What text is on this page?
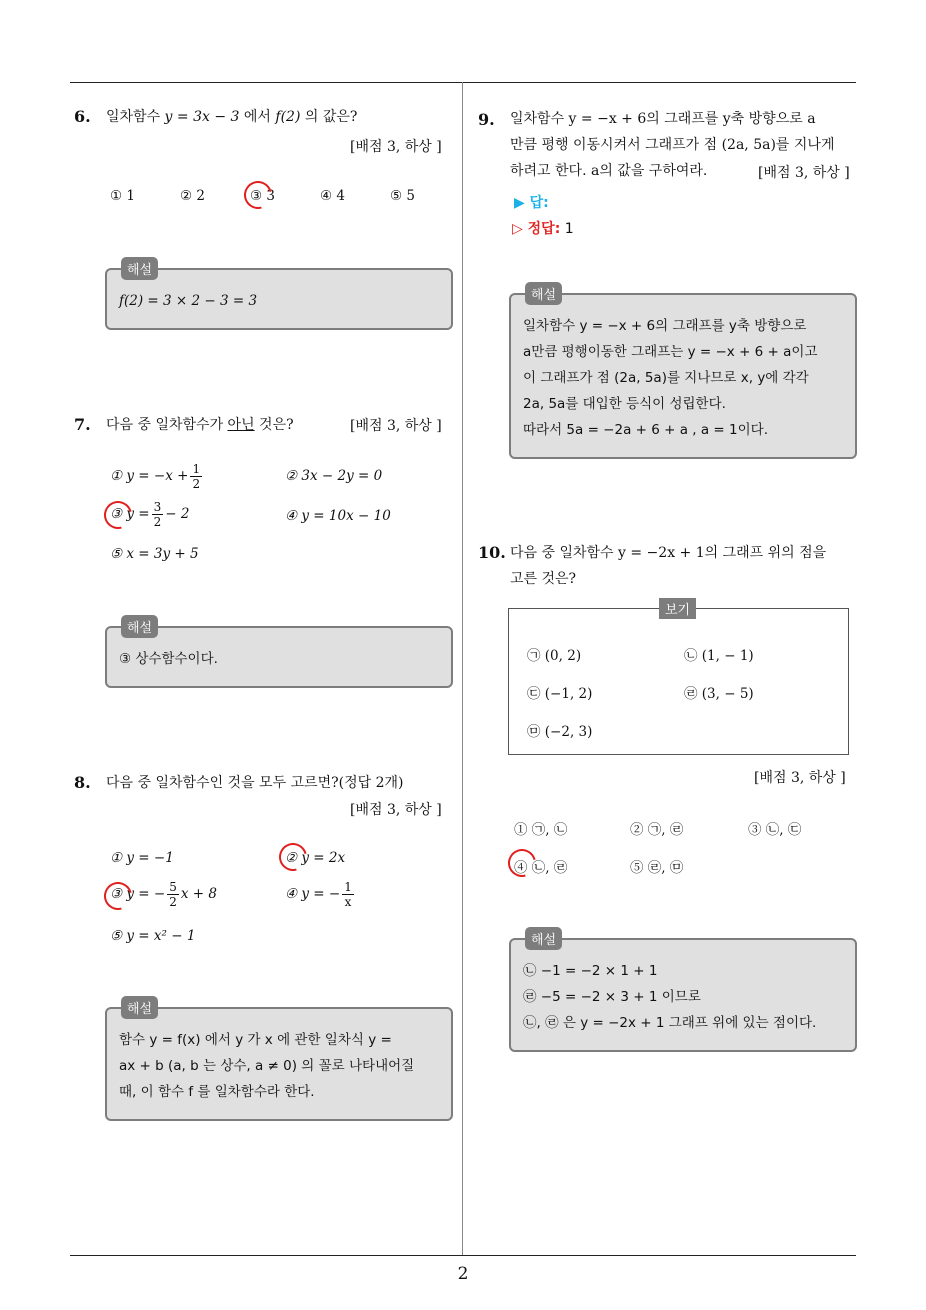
6. 일차함수 y = 3x − 3 에서 f(2) 의 값은?
[배점 3, 하상 ]
① 1	② 2	③ 3	④ 4	⑤ 5
해설
f(2) = 3 × 2 − 3 = 3
7. 다음 중 일차함수가 아닌 것은?	[배점 3, 하상 ]
① $y = -x + \frac{1}{2}$	② 3x − 2y = 0
③ $y = \frac{3}{2} - 2$	④ y = 10x − 10
⑤ x = 3y + 5
해설
③ 상수함수이다.
8. 다음 중 일차함수인 것을 모두 고르면?(정답 2개)
[배점 3, 하상 ]
① y = −1	② y = 2x
③ y = − $\frac{5}{2}$ x + 8	④ y = − $\frac{1}{x}$
⑤ y = x² − 1
해설
함수 y = f(x) 에서 y 가 x 에 관한 일차식 y =
ax + b (a, b 는 상수, a ≠ 0) 의 꼴로 나타내어질
때, 이 함수 f 를 일차함수라 한다.
9. 일차함수 y = −x + 6의 그래프를 y축 방향으로 a
만큼 평행 이동시켜서 그래프가 점 (2a, 5a)를 지나게
하려고 한다. a의 값을 구하여라.	[배점 3, 하상 ]
▶ 답:
▷ 정답: 1
해설
일차함수 y = −x + 6의 그래프를 y축 방향으로
a만큼 평행이동한 그래프는 y = −x + 6 + a이고
이 그래프가 점 (2a, 5a)를 지나므로 x, y에 각각
2a, 5a를 대입한 등식이 성립한다.
따라서 5a = −2a + 6 + a , a = 1이다.
10. 다음 중 일차함수 y = −2x + 1의 그래프 위의 점을
고른 것은?
보기
㉠ (0, 2)	㉡ (1, − 1)
㉢ (−1, 2)	㉣ (3, − 5)
㉤ (−2, 3)
[배점 3, 하상 ]
① ㉠, ㉡	② ㉠, ㉣	③ ㉡, ㉢
④ ㉡, ㉣	⑤ ㉣, ㉤
해설
㉡ −1 = −2 × 1 + 1
㉣ −5 = −2 × 3 + 1 이므로
㉡, ㉣ 은 y = −2x + 1 그래프 위에 있는 점이다.
2
